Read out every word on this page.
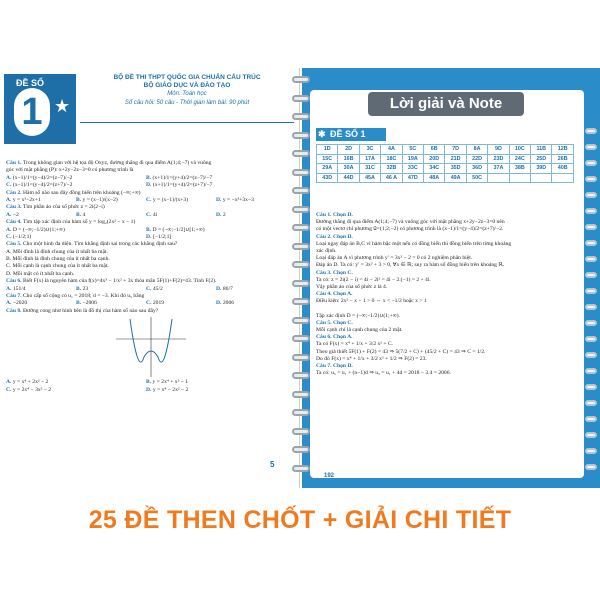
ĐỀ SỐ
1 ★
BỘ ĐỀ THI THPT QUỐC GIA CHUẨN CẤU TRÚC
BỘ GIÁO DỤC VÀ ĐÀO TẠO
Môn: Toán học
Số câu hỏi: 50 câu - Thời gian làm bài: 90 phút
Câu 1. Trong không gian với hệ tọa độ Oxyz, đường thẳng đi qua điểm A(1;4;−7) và vuông
góc với mặt phẳng (P): x+2y−2z−3=0 có phương trình là
A. (x−1)/1=(y−4)/2=(z−7)/−2	B. (x+1)/1=(y+4)/2=(z−7)/−7
C. (x−1)/1=(y−4)/2=(z+7)/−2	D. (x+1)/1=(y+4)/2=(z+7)/−7
Câu 2. Hàm số nào sau đây đồng biến trên khoảng (−∞;+∞)
A. y = x³−2x+1	B. y = (x−1)/(x−2)	C. y = (x−1)/(x+3)	D. y = −x³+3x−3
Câu 3. Tìm phần ảo của số phức z = 2i(2−i)
A. −2	B. 4	C. 4i	D. 2
Câu 4. Tìm tập xác định của hàm số y = log₂(2x² − x − 1)
A. D = (−∞;−1/2)∪(1;+∞)	B. D = (−∞;−1/2]∪[1;+∞)
C. (−1/2;1)	D. [−1/2;1]
Câu 5. Cho một hình đa diện. Tìm khẳng định sai trong các khẳng định sau?
A. Mỗi đỉnh là đỉnh chung của ít nhất ba mặt.
B. Mỗi đỉnh là đỉnh chung của ít nhất ba cạnh.
C. Mỗi cạnh là cạnh chung của ít nhất ba mặt.
D. Mỗi mặt có ít nhất ba cạnh.
Câu 6. Biết F(x) là nguyên hàm của f(x)=4x³ − 1/x² + 3x thỏa mãn 5F(1)+F(2)=43. Tính F(2).
A. 151/4	B. 23	C. 45/2	D. 86/7
Câu 7. Cho cấp số cộng có u₁ = 2018; d = −3. Khi đó u₅ bằng
A. −2020	B. −2006	C. 2019	D. 2006
Câu 8. Đường cong như hình bên là đồ thị của hàm số nào sau đây?
A. y = x⁴ + 2x² − 2	B. y = 2x⁴ + x² − 1
C. y = 2x⁴ − 3x² − 2	D. y = x⁴ − 2x² − 2
5
Lời giải và Note
✱ ĐỀ SỐ 1
1D	2D	3C	4A	5C	6B	7D	8A	9D	10C	11B	12B
15C	16B	17A	18C	19A	20D	21D	22D	23D	24C	25D	26B
29A	30A	31C	32B	33C	34C	35D	36D	37A	38B	39D	40B
43D	44D	45A	46 A	47D	48A	49A	50C				
Câu 1. Chọn D.
Đường thẳng đi qua điểm A(1;4;−7) và vuông góc với mặt phẳng x+2y−2z−3=0 nên
có một vectơ chỉ phương u⃗=(1;2;−2) có phương trình là (x−1)/1=(y−4)/2=(z+7)/−2.
Câu 2. Chọn D.
Loại ngay đáp án B,C vì hàm bậc một nếu có đồng biến thì đồng biến trên từng khoảng
xác định.
Loại đáp án A vì phương trình y′ = 3x² − 2 = 0 có 2 nghiệm phân biệt.
Đáp án D. Ta có: y′ = 3x² + 3 > 0, ∀x ∈ ℝ; suy ra hàm số đồng biến trên khoảng ℝ.
Câu 3. Chọn C.
Ta có: z = 2i(2 − i) = 4i − 2i² = 4i − 2.(−1) = 2 + 4i.
Vậy phần ảo của số phức z là 4.
Câu 4. Chọn A.
Điều kiện: 2x² − x − 1 > 0 ⇔ x < −1/2 hoặc x > 1
Tập xác định D = (−∞;−1/2)∪(1;+∞).
Câu 5. Chọn C.
Mỗi cạnh chỉ là cạnh chung của 2 mặt.
Câu 6. Chọn A.
Ta có F(x) = x⁴ + 1/x + 3/2 x² + C.
Theo giả thiết 5F(1) + F(2) = 43 ⇒ 5(7/2 + C) + (45/2 + C) = 43 ⇒ C = 1/2.
Do đó F(x) = x⁴ + 1/x + 3/2 x² + 1/2 ⇒ F(2) = 23.
Câu 7. Chọn D.
Ta có: u₅ = u₁ + (n−1)d ⇒ u₅ = u₁ + 4d = 2018 − 3.4 = 2006.
192
25 ĐỀ THEN CHỐT + GIẢI CHI TIẾT
